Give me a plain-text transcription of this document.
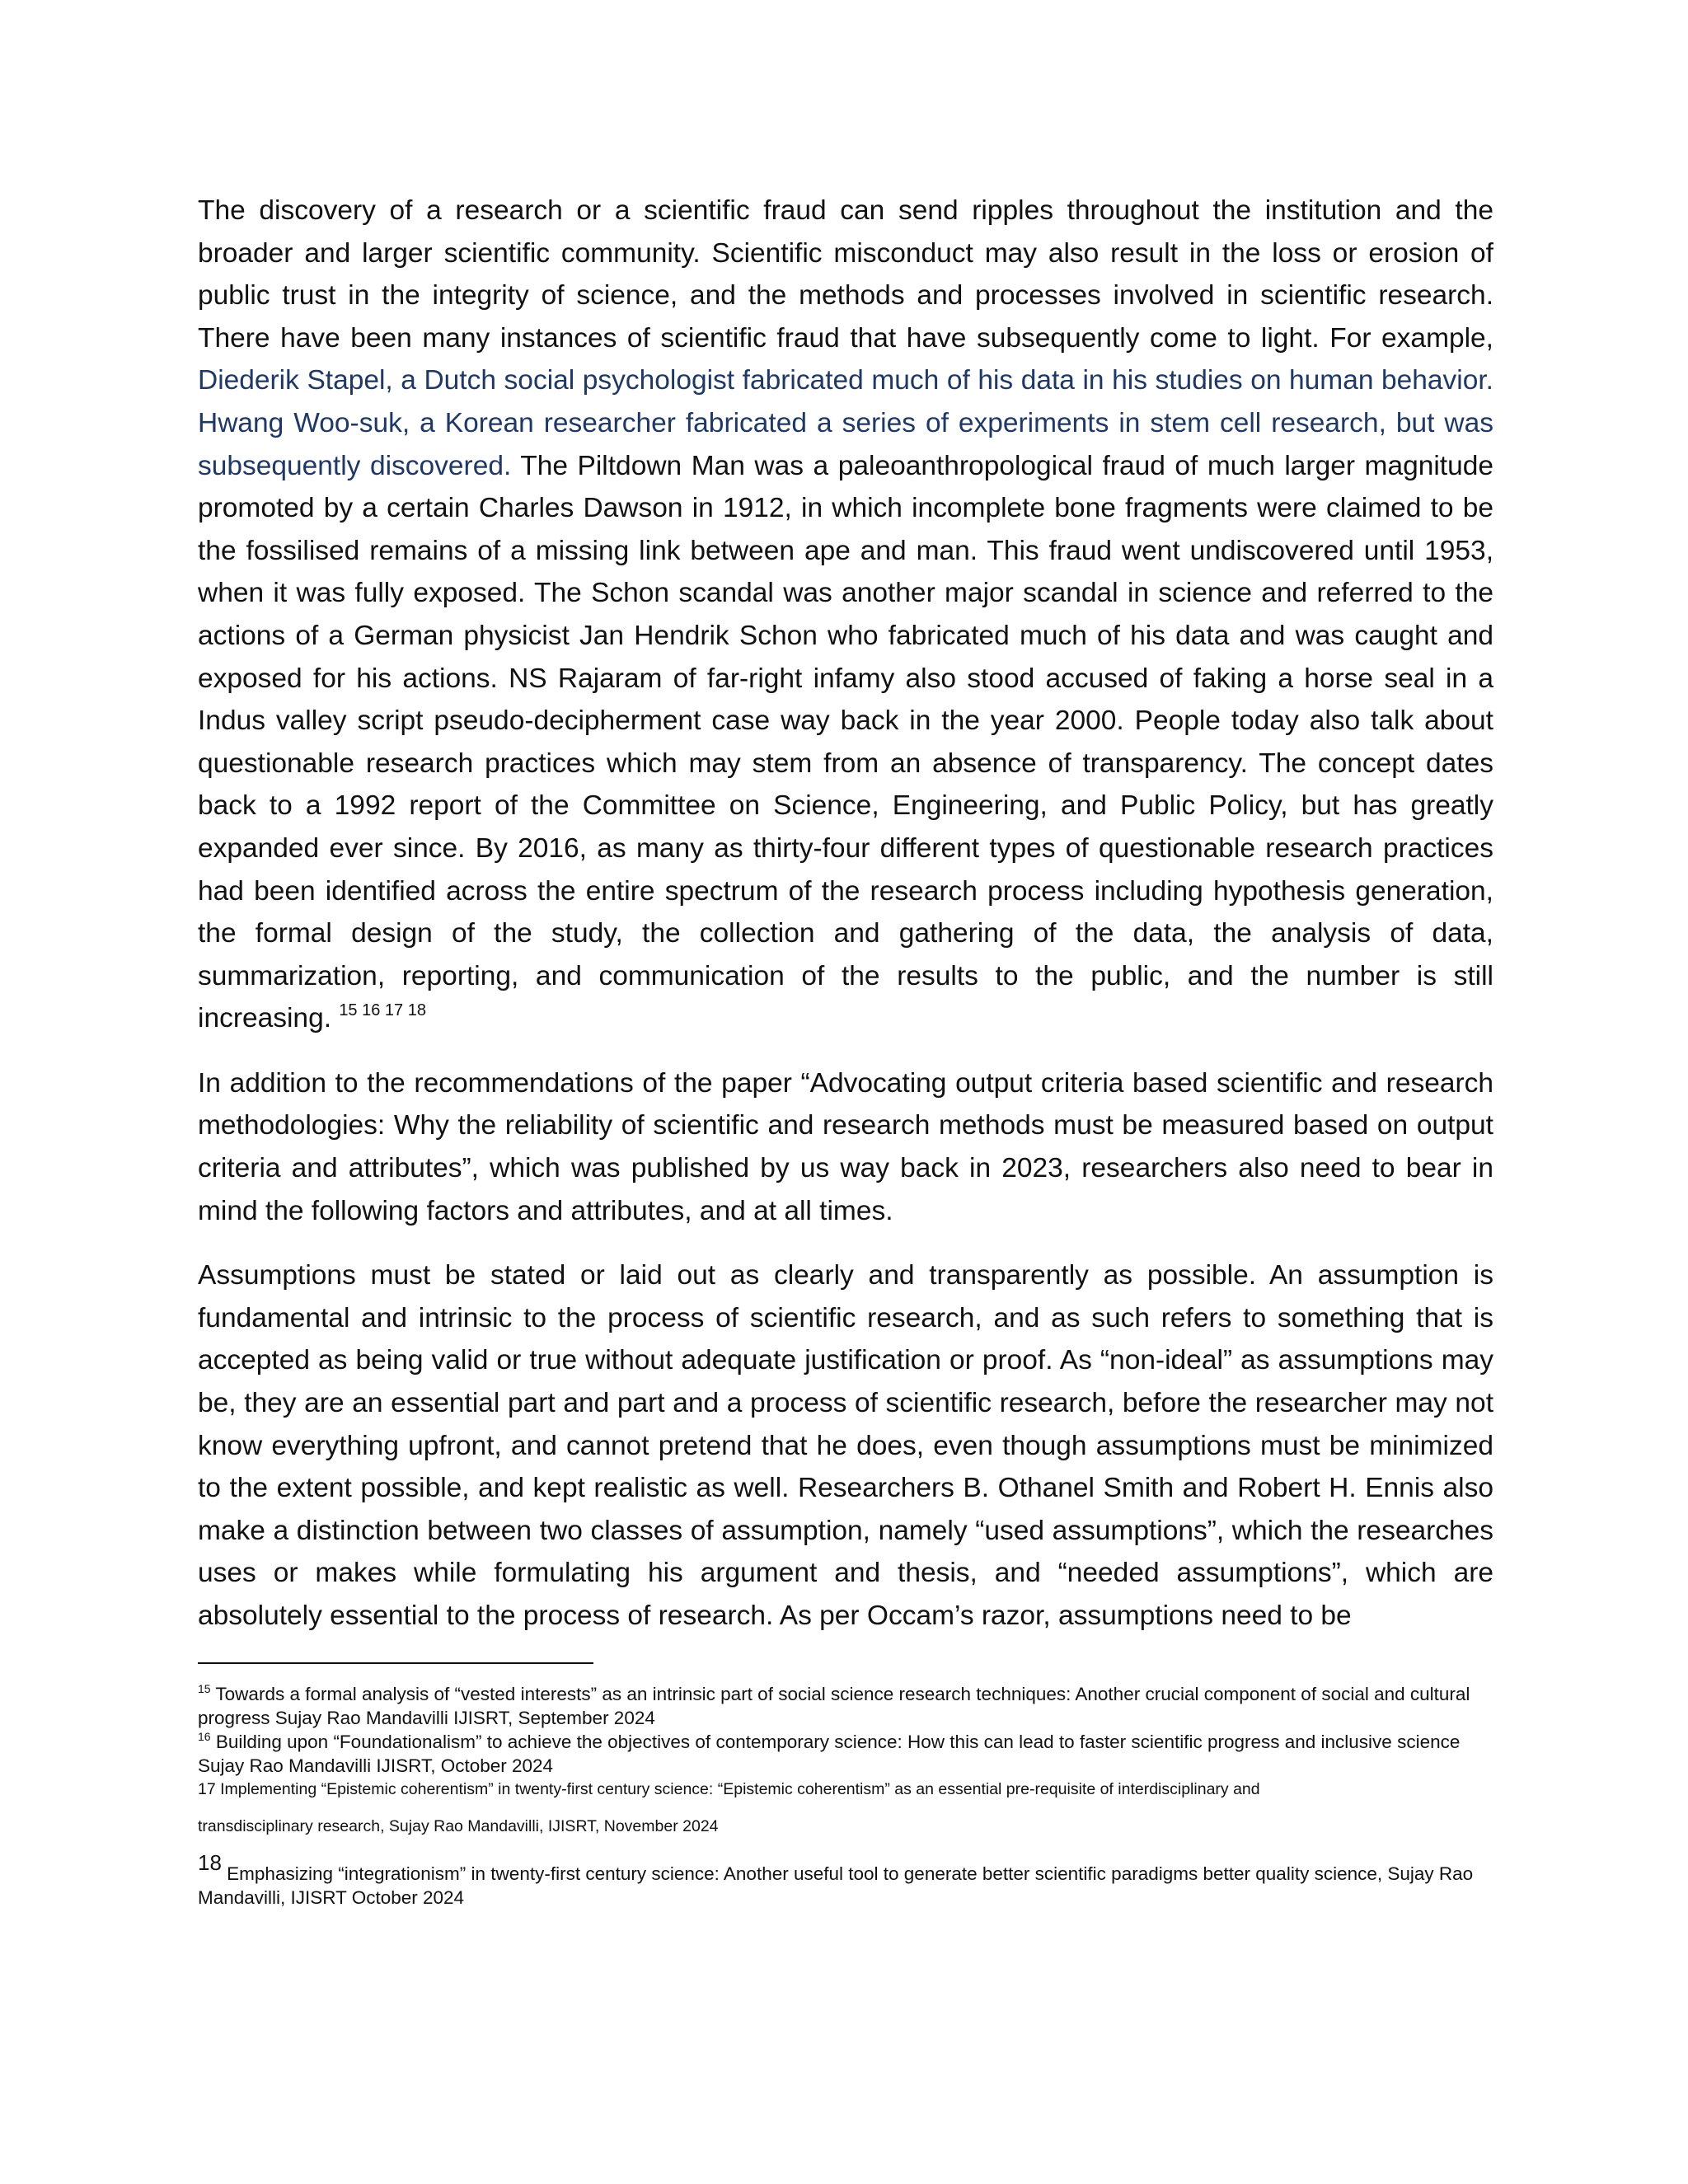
The discovery of a research or a scientific fraud can send ripples throughout the institution and the broader and larger scientific community. Scientific misconduct may also result in the loss or erosion of public trust in the integrity of science, and the methods and processes involved in scientific research. There have been many instances of scientific fraud that have subsequently come to light. For example, Diederik Stapel, a Dutch social psychologist fabricated much of his data in his studies on human behavior. Hwang Woo-suk, a Korean researcher fabricated a series of experiments in stem cell research, but was subsequently discovered. The Piltdown Man was a paleoanthropological fraud of much larger magnitude promoted by a certain Charles Dawson in 1912, in which incomplete bone fragments were claimed to be the fossilised remains of a missing link between ape and man. This fraud went undiscovered until 1953, when it was fully exposed. The Schon scandal was another major scandal in science and referred to the actions of a German physicist Jan Hendrik Schon who fabricated much of his data and was caught and exposed for his actions. NS Rajaram of far-right infamy also stood accused of faking a horse seal in a Indus valley script pseudo-decipherment case way back in the year 2000. People today also talk about questionable research practices which may stem from an absence of transparency. The concept dates back to a 1992 report of the Committee on Science, Engineering, and Public Policy, but has greatly expanded ever since. By 2016, as many as thirty-four different types of questionable research practices had been identified across the entire spectrum of the research process including hypothesis generation, the formal design of the study, the collection and gathering of the data, the analysis of data, summarization, reporting, and communication of the results to the public, and the number is still increasing. $^{15 16 17 18}$

In addition to the recommendations of the paper “Advocating output criteria based scientific and research methodologies: Why the reliability of scientific and research methods must be measured based on output criteria and attributes”, which was published by us way back in 2023, researchers also need to bear in mind the following factors and attributes, and at all times.

Assumptions must be stated or laid out as clearly and transparently as possible. An assumption is fundamental and intrinsic to the process of scientific research, and as such refers to something that is accepted as being valid or true without adequate justification or proof. As “non-ideal” as assumptions may be, they are an essential part and part and a process of scientific research, before the researcher may not know everything upfront, and cannot pretend that he does, even though assumptions must be minimized to the extent possible, and kept realistic as well. Researchers B. Othanel Smith and Robert H. Ennis also make a distinction between two classes of assumption, namely “used assumptions”, which the researches uses or makes while formulating his argument and thesis, and “needed assumptions”, which are absolutely essential to the process of research. As per Occam’s razor, assumptions need to be

$^{15}$ Towards a formal analysis of “vested interests” as an intrinsic part of social science research techniques: Another crucial component of social and cultural progress Sujay Rao Mandavilli IJISRT, September 2024

$^{16}$ Building upon “Foundationalism” to achieve the objectives of contemporary science: How this can lead to faster scientific progress and inclusive science Sujay Rao Mandavilli IJISRT, October 2024

17 Implementing “Epistemic coherentism” in twenty-first century science: “Epistemic coherentism” as an essential pre-requisite of interdisciplinary and

transdisciplinary research, Sujay Rao Mandavilli, IJISRT, November 2024

18 Emphasizing “integrationism” in twenty-first century science: Another useful tool to generate better scientific paradigms better quality science, Sujay Rao Mandavilli, IJISRT October 2024
